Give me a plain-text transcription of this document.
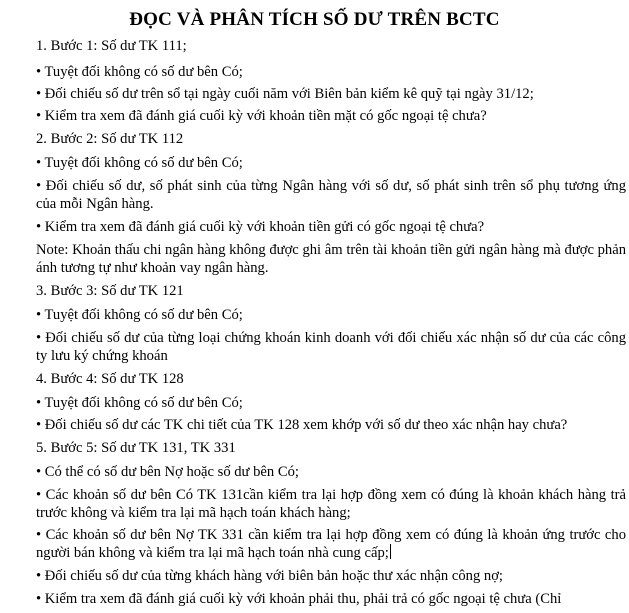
ĐỌC VÀ PHÂN TÍCH SỐ DƯ TRÊN BCTC
1. Bước 1: Số dư TK 111;
• Tuyệt đối không có số dư bên Có;
• Đối chiếu số dư trên sổ tại ngày cuối năm với Biên bản kiểm kê quỹ tại ngày 31/12;
• Kiểm tra xem đã đánh giá cuối kỳ với khoản tiền mặt có gốc ngoại tệ chưa?
2. Bước 2: Số dư TK 112
• Tuyệt đối không có số dư bên Có;
• Đối chiếu số dư, số phát sinh của từng Ngân hàng với số dư, số phát sinh trên sổ phụ tương ứng của mỗi Ngân hàng.
• Kiểm tra xem đã đánh giá cuối kỳ với khoản tiền gửi có gốc ngoại tệ chưa?
Note: Khoản thấu chi ngân hàng không được ghi âm trên tài khoản tiền gửi ngân hàng mà được phản ánh tương tự như khoản vay ngân hàng.
3. Bước 3: Số dư TK 121
• Tuyệt đối không có số dư bên Có;
• Đối chiếu số dư của từng loại chứng khoán kinh doanh với đối chiếu xác nhận số dư của các công ty lưu ký chứng khoán
4. Bước 4: Số dư TK 128
• Tuyệt đối không có số dư bên Có;
• Đối chiếu số dư các TK chi tiết của TK 128 xem khớp với số dư theo xác nhận hay chưa?
5. Bước 5: Số dư TK 131, TK 331
• Có thể có số dư bên Nợ hoặc số dư bên Có;
• Các khoản số dư bên Có TK 131cần kiểm tra lại hợp đồng xem có đúng là khoản khách hàng trả trước không và kiểm tra lại mã hạch toán khách hàng;
• Các khoản số dư bên Nợ TK 331 cần kiểm tra lại hợp đồng xem có đúng là khoản ứng trước cho người bán không và kiểm tra lại mã hạch toán nhà cung cấp;
• Đối chiếu số dư của từng khách hàng với biên bản hoặc thư xác nhận công nợ;
• Kiểm tra xem đã đánh giá cuối kỳ với khoản phải thu, phải trả có gốc ngoại tệ chưa (Chỉ
